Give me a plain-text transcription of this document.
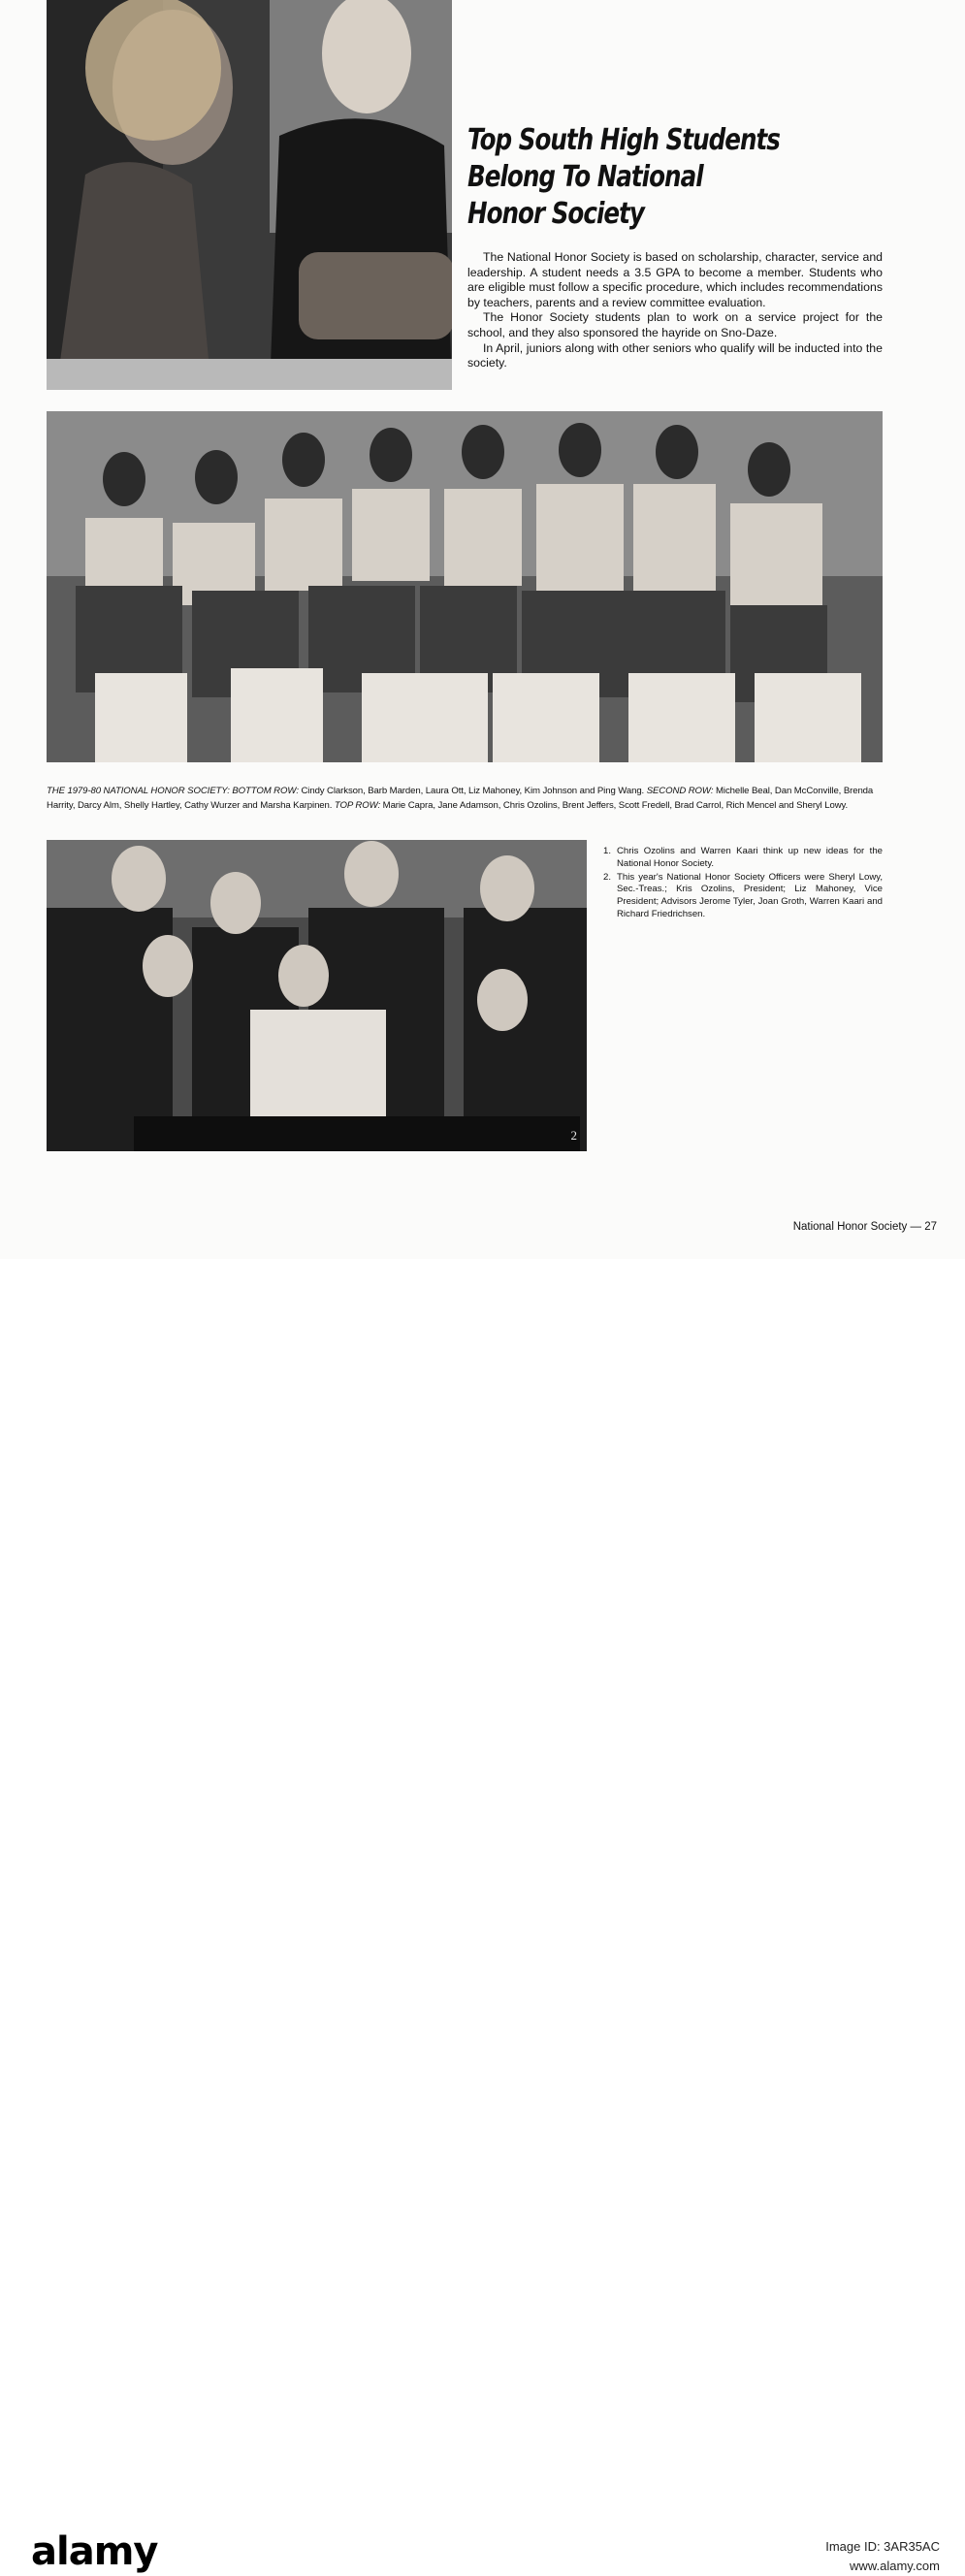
Top South High Students
Belong To National
Honor Society

The National Honor Society is based on scholarship, character, service and leadership. A student needs a 3.5 GPA to become a member. Students who are eligible must follow a specific procedure, which includes recommendations by teachers, parents and a review committee evaluation.

The Honor Society students plan to work on a service project for the school, and they also sponsored the hayride on Sno-Daze.

In April, juniors along with other seniors who qualify will be inducted into the society.

THE 1979-80 NATIONAL HONOR SOCIETY: BOTTOM ROW: Cindy Clarkson, Barb Marden, Laura Ott, Liz Mahoney, Kim Johnson and Ping Wang. SECOND ROW: Michelle Beal, Dan McConville, Brenda Harrity, Darcy Alm, Shelly Hartley, Cathy Wurzer and Marsha Karpinen. TOP ROW: Marie Capra, Jane Adamson, Chris Ozolins, Brent Jeffers, Scott Fredell, Brad Carrol, Rich Mencel and Sheryl Lowy.
2
1. Chris Ozolins and Warren Kaari think up new ideas for the National Honor Society.
2. This year's National Honor Society Officers were Sheryl Lowy, Sec.-Treas.; Kris Ozolins, President; Liz Mahoney, Vice President; Advisors Jerome Tyler, Joan Groth, Warren Kaari and Richard Friedrichsen.
National Honor Society — 27
alamy	Image ID: 3AR35AC
www.alamy.com
